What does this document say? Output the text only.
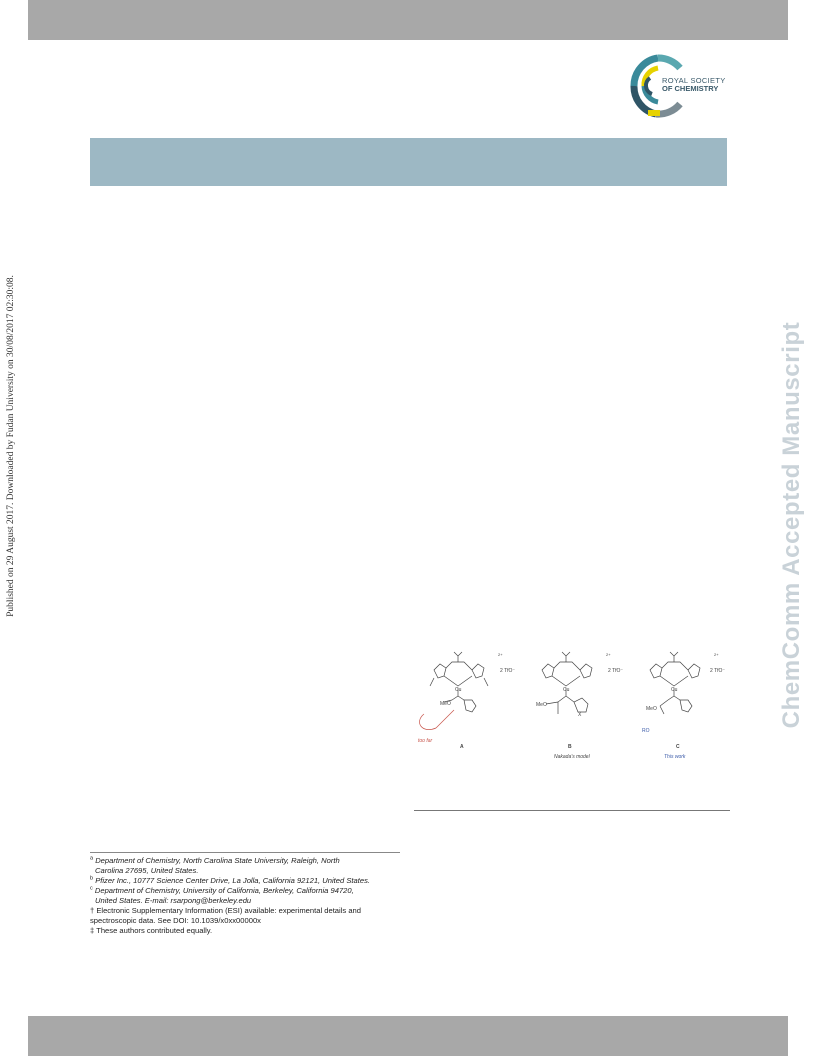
ROYAL SOCIETY
OF CHEMISTRY
Published on 29 August 2017. Downloaded by Fudan University on 30/08/2017 02:30:08.	ChemComm Accepted Manuscript
2+
2 TfO⁻
Cu
MeO
too far
A
2+
2 TfO⁻
Cu
MeO
X
B
Nakada's model
2+
2 TfO⁻
Cu
MeO
RO
C
This work

$^a$ Department of Chemistry, North Carolina State University, Raleigh, North

Carolina 27695, United States.

$^b$ Pfizer Inc., 10777 Science Center Drive, La Jolla, California 92121, United States.

$^c$ Department of Chemistry, University of California, Berkeley, California 94720,

United States. E-mail: rsarpong@berkeley.edu

† Electronic Supplementary Information (ESI) available: experimental details and

spectroscopic data. See DOI: 10.1039/x0xx00000x

‡ These authors contributed equally.
